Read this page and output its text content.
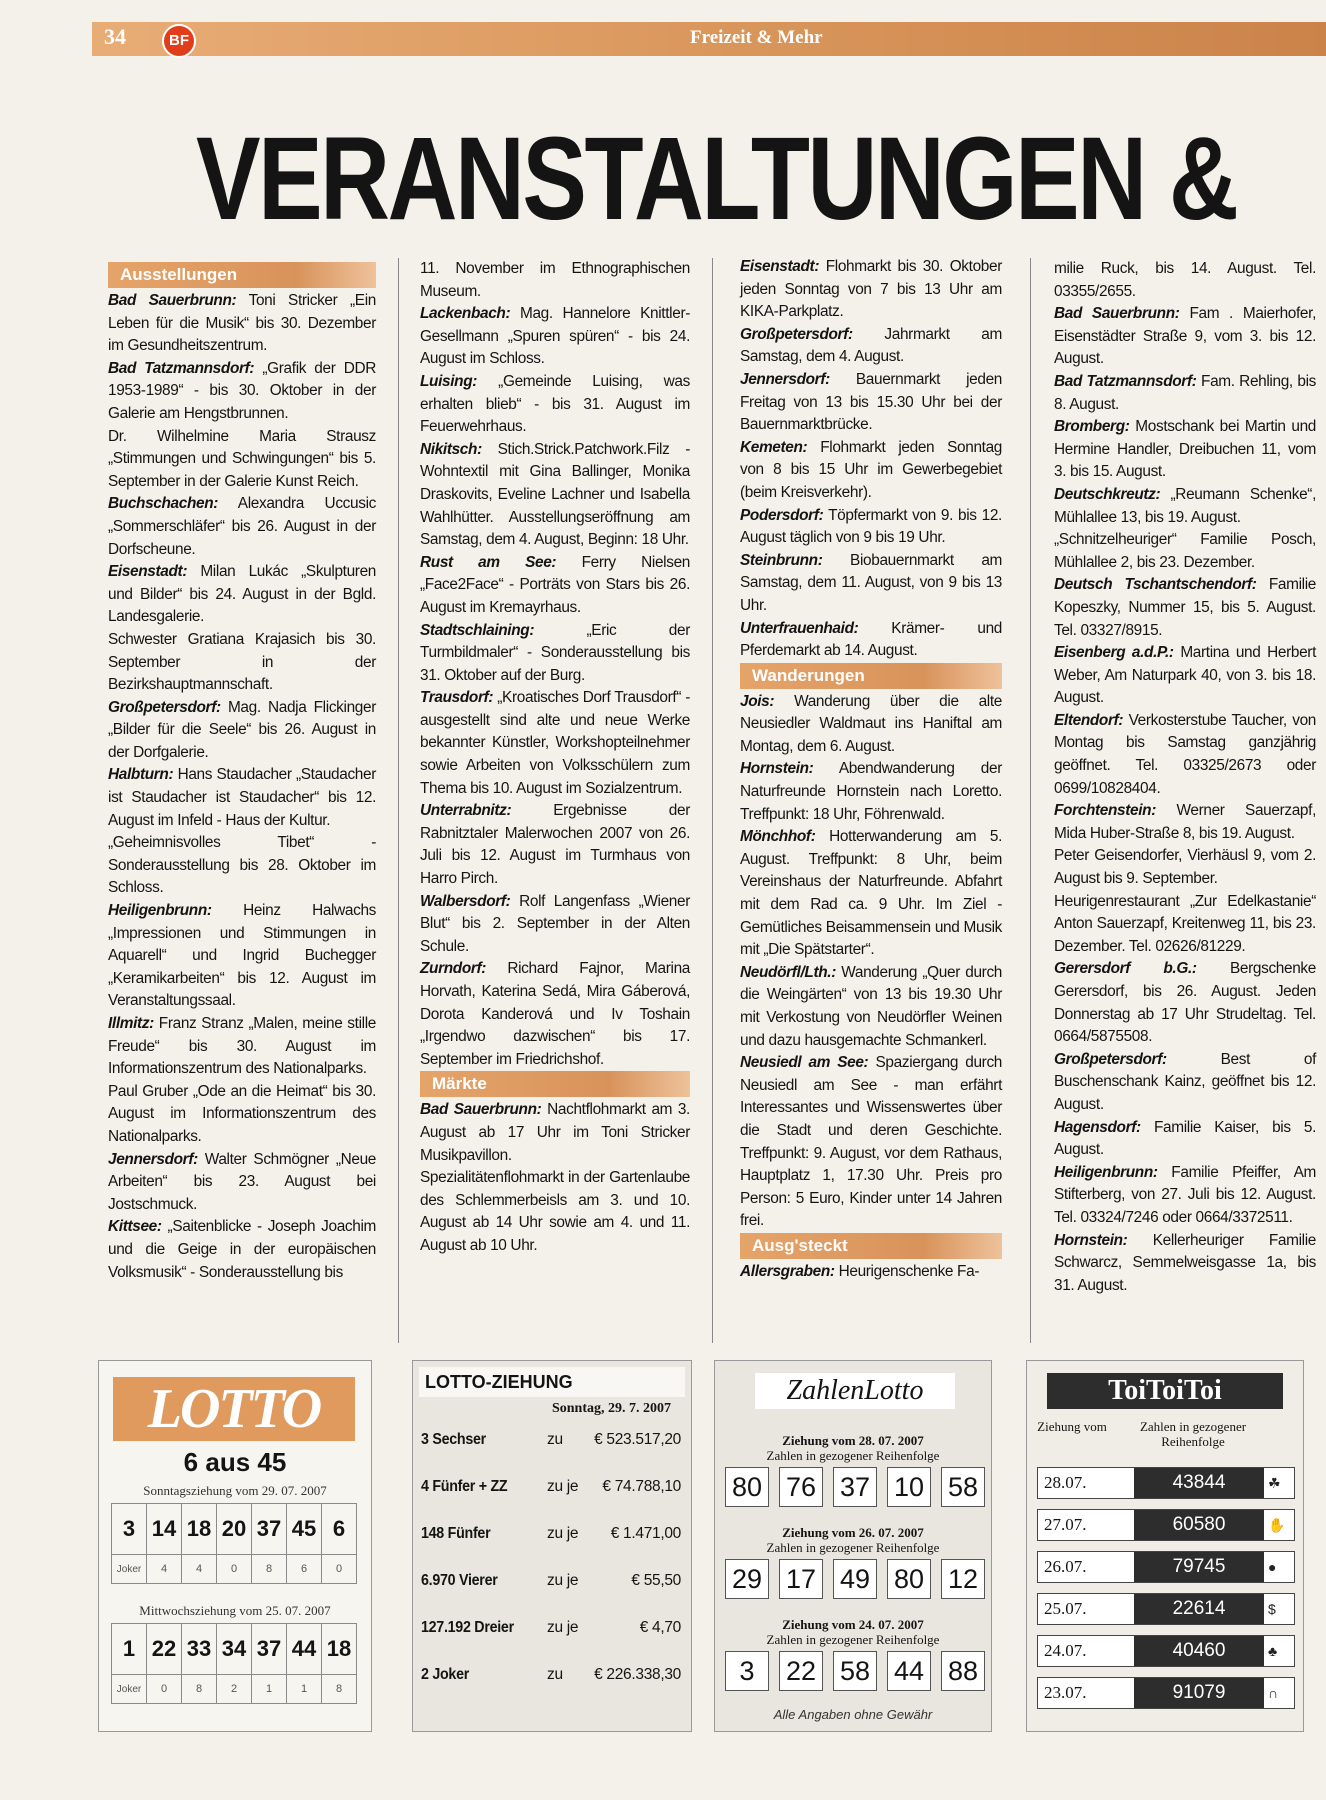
34	BF	Freizeit & Mehr
VERANSTALTUNGEN &
Ausstellungen

Bad Sauerbrunn: Toni Stricker „Ein Leben für die Musik“ bis 30. Dezember im Gesundheitszentrum.

Bad Tatzmannsdorf: „Grafik der DDR 1953-1989“ - bis 30. Oktober in der Galerie am Hengstbrunnen.

Dr. Wilhelmine Maria Strausz „Stimmungen und Schwingungen“ bis 5. September in der Galerie Kunst Reich.

Buchschachen: Alexandra Uccusic „Sommerschläfer“ bis 26. August in der Dorfscheune.

Eisenstadt: Milan Lukác „Skulpturen und Bilder“ bis 24. August in der Bgld. Landesgalerie.

Schwester Gratiana Krajasich bis 30. September in der Bezirkshauptmannschaft.

Großpetersdorf: Mag. Nadja Flickinger „Bilder für die Seele“ bis 26. August in der Dorfgalerie.

Halbturn: Hans Staudacher „Staudacher ist Staudacher ist Staudacher“ bis 12. August im Infeld - Haus der Kultur.

„Geheimnisvolles Tibet“ - Sonderausstellung bis 28. Oktober im Schloss.

Heiligenbrunn: Heinz Halwachs „Impressionen und Stimmungen in Aquarell“ und Ingrid Buchegger „Keramikarbeiten“ bis 12. August im Veranstaltungssaal.

Illmitz: Franz Stranz „Malen, meine stille Freude“ bis 30. August im Informationszentrum des Nationalparks.

Paul Gruber „Ode an die Heimat“ bis 30. August im Informationszentrum des Nationalparks.

Jennersdorf: Walter Schmögner „Neue Arbeiten“ bis 23. August bei Jostschmuck.

Kittsee: „Saitenblicke - Joseph Joachim und die Geige in der europäischen Volksmusik“ - Sonderausstellung bis

11. November im Ethnographischen Museum.

Lackenbach: Mag. Hannelore Knittler-Gesellmann „Spuren spüren“ - bis 24. August im Schloss.

Luising: „Gemeinde Luising, was erhalten blieb“ - bis 31. August im Feuerwehrhaus.

Nikitsch: Stich.Strick.Patchwork.Filz - Wohntextil mit Gina Ballinger, Monika Draskovits, Eveline Lachner und Isabella Wahlhütter. Ausstellungseröffnung am Samstag, dem 4. August, Beginn: 18 Uhr.

Rust am See: Ferry Nielsen „Face2Face“ - Porträts von Stars bis 26. August im Kremayrhaus.

Stadtschlaining: „Eric der Turmbildmaler“ - Sonderausstellung bis 31. Oktober auf der Burg.

Trausdorf: „Kroatisches Dorf Trausdorf“ - ausgestellt sind alte und neue Werke bekannter Künstler, Workshopteilnehmer sowie Arbeiten von Volksschülern zum Thema bis 10. August im Sozialzentrum.

Unterrabnitz: Ergebnisse der Rabnitztaler Malerwochen 2007 von 26. Juli bis 12. August im Turmhaus von Harro Pirch.

Walbersdorf: Rolf Langenfass „Wiener Blut“ bis 2. September in der Alten Schule.

Zurndorf: Richard Fajnor, Marina Horvath, Katerina Sedá, Mira Gáberová, Dorota Kanderová und Iv Toshain „Irgendwo dazwischen“ bis 17. September im Friedrichshof.

Märkte

Bad Sauerbrunn: Nachtflohmarkt am 3. August ab 17 Uhr im Toni Stricker Musikpavillon.

Spezialitätenflohmarkt in der Gartenlaube des Schlemmerbeisls am 3. und 10. August ab 14 Uhr sowie am 4. und 11. August ab 10 Uhr.

Eisenstadt: Flohmarkt bis 30. Oktober jeden Sonntag von 7 bis 13 Uhr am KIKA-Parkplatz.

Großpetersdorf: Jahrmarkt am Samstag, dem 4. August.

Jennersdorf: Bauernmarkt jeden Freitag von 13 bis 15.30 Uhr bei der Bauernmarktbrücke.

Kemeten: Flohmarkt jeden Sonntag von 8 bis 15 Uhr im Gewerbegebiet (beim Kreisverkehr).

Podersdorf: Töpfermarkt von 9. bis 12. August täglich von 9 bis 19 Uhr.

Steinbrunn: Biobauernmarkt am Samstag, dem 11. August, von 9 bis 13 Uhr.

Unterfrauenhaid: Krämer- und Pferdemarkt ab 14. August.

Wanderungen

Jois: Wanderung über die alte Neusiedler Waldmaut ins Haniftal am Montag, dem 6. August.

Hornstein: Abendwanderung der Naturfreunde Hornstein nach Loretto. Treffpunkt: 18 Uhr, Föhrenwald.

Mönchhof: Hotterwanderung am 5. August. Treffpunkt: 8 Uhr, beim Vereinshaus der Naturfreunde. Abfahrt mit dem Rad ca. 9 Uhr. Im Ziel - Gemütliches Beisammensein und Musik mit „Die Spätstarter“.

Neudörfl/Lth.: Wanderung „Quer durch die Weingärten“ von 13 bis 19.30 Uhr mit Verkostung von Neudörfler Weinen und dazu hausgemachte Schmankerl.

Neusiedl am See: Spaziergang durch Neusiedl am See - man erfährt Interessantes und Wissenswertes über die Stadt und deren Geschichte. Treffpunkt: 9. August, vor dem Rathaus, Hauptplatz 1, 17.30 Uhr. Preis pro Person: 5 Euro, Kinder unter 14 Jahren frei.

Ausg'steckt

Allersgraben: Heurigenschenke Fa-

milie Ruck, bis 14. August. Tel. 03355/2655.

Bad Sauerbrunn: Fam . Maierhofer, Eisenstädter Straße 9, vom 3. bis 12. August.

Bad Tatzmannsdorf: Fam. Rehling, bis 8. August.

Bromberg: Mostschank bei Martin und Hermine Handler, Dreibuchen 11, vom 3. bis 15. August.

Deutschkreutz: „Reumann Schenke“, Mühlallee 13, bis 19. August.

„Schnitzelheuriger“ Familie Posch, Mühlallee 2, bis 23. Dezember.

Deutsch Tschantschendorf: Familie Kopeszky, Nummer 15, bis 5. August. Tel. 03327/8915.

Eisenberg a.d.P.: Martina und Herbert Weber, Am Naturpark 40, von 3. bis 18. August.

Eltendorf: Verkosterstube Taucher, von Montag bis Samstag ganzjährig geöffnet. Tel. 03325/2673 oder 0699/10828404.

Forchtenstein: Werner Sauerzapf, Mida Huber-Straße 8, bis 19. August.

Peter Geisendorfer, Vierhäusl 9, vom 2. August bis 9. September.

Heurigenrestaurant „Zur Edelkastanie“ Anton Sauerzapf, Kreitenweg 11, bis 23. Dezember. Tel. 02626/81229.

Gerersdorf b.G.: Bergschenke Gerersdorf, bis 26. August. Jeden Donnerstag ab 17 Uhr Strudeltag. Tel. 0664/5875508.

Großpetersdorf: Best of Buschenschank Kainz, geöffnet bis 12. August.

Hagensdorf: Familie Kaiser, bis 5. August.

Heiligenbrunn: Familie Pfeiffer, Am Stifterberg, von 27. Juli bis 12. August. Tel. 03324/7246 oder 0664/3372511.

Hornstein: Kellerheuriger Familie Schwarcz, Semmelweisgasse 1a, bis 31. August.

LOTTO
6 aus 45
Sonntagsziehung vom 29. 07. 2007
3	14	18	20	37	45	6
Joker	4	4	0	8	6	0
Mittwochsziehung vom 25. 07. 2007
1	22	33	34	37	44	18
Joker	0	8	2	1	1	8
LOTTO-ZIEHUNG
Sonntag, 29. 7. 2007
3 Sechser	zu € 523.517,20
4 Fünfer + ZZ	zu je € 74.788,10
148 Fünfer	zu je € 1.471,00
6.970 Vierer	zu je	€ 55,50
127.192 Dreier zu je	€ 4,70
2 Joker	zu € 226.338,30
ZahlenLotto
Ziehung vom 28. 07. 2007
Zahlen in gezogener Reihenfolge
80 76 37 10 58
Ziehung vom 26. 07. 2007
Zahlen in gezogener Reihenfolge
29 17 49 80 12
Ziehung vom 24. 07. 2007
Zahlen in gezogener Reihenfolge
3	22 58 44 88
Alle Angaben ohne Gewähr
ToiToiToi
Ziehung vom	Zahlen in gezogener Reihenfolge
28.07.	43844	☘
27.07.	60580	✋
26.07.	79745	●
25.07.	22614	$
24.07.	40460	♣
23.07.	91079	∩
